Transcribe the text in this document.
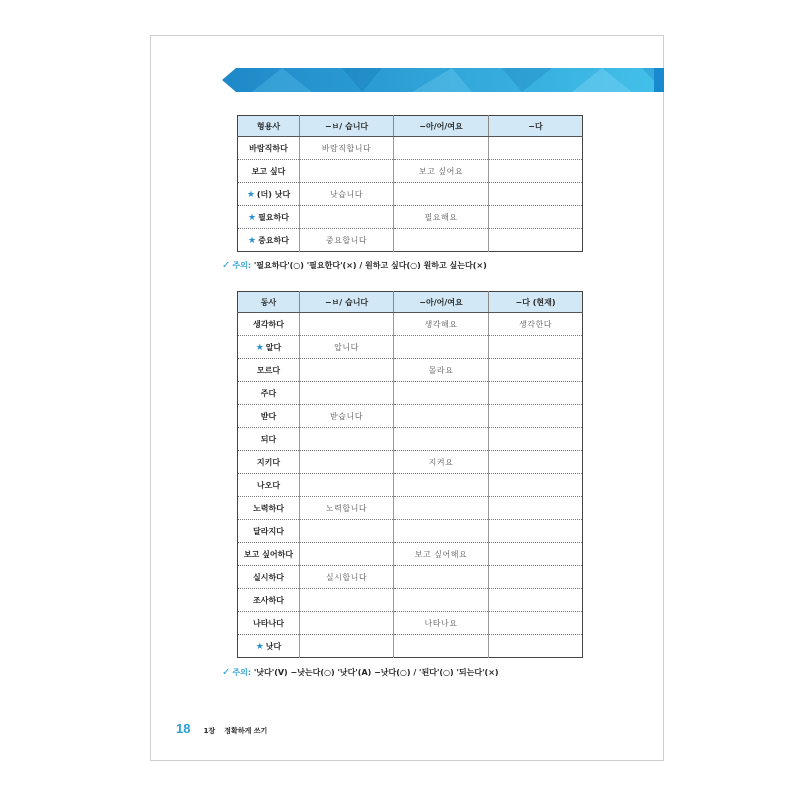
형용사	−ㅂ/ 습니다	−아/어/여요	−다
바람직하다	바람직합니다		
보고 싶다		보고 싶어요	
★ (더) 낫다	낫습니다		
★ 필요하다		필요해요	
★ 중요하다	중요합니다		
✓ 주의: '필요하다'(○) '필요한다'(×) / 원하고 싶다(○) 원하고 싶는다(×)
동사	−ㅂ/ 습니다	−아/어/여요	−다 (현재)
생각하다		생각해요	생각한다
★ 알다	압니다		
모르다		몰라요	
주다			
받다	받습니다		
되다			
지키다		지켜요	
나오다			
노력하다	노력합니다		
달라지다			
보고 싶어하다		보고 싶어해요	
실시하다	실시합니다		
조사하다			
나타나다		나타나요	
★ 낫다			
✓ 주의: '낫다'(V) −낫는다(○) '낫다'(A) −낫다(○) / '된다'(○) '되는다'(×)
18 1장 정확하게 쓰기
